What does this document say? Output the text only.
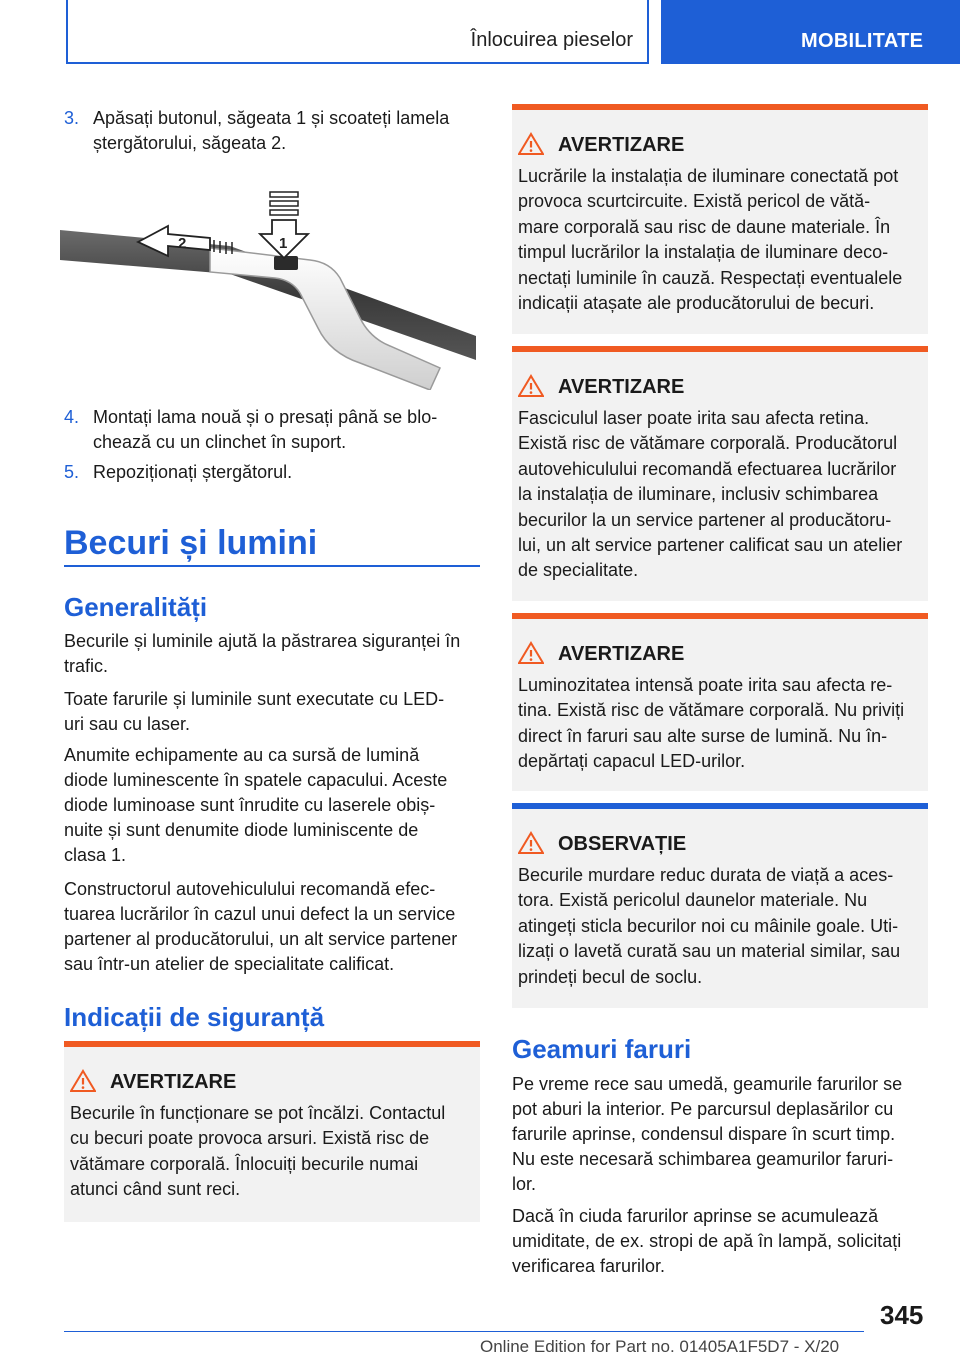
Înlocuirea pieselor	MOBILITATE
3. Apăsați butonul, săgeata 1 și scoateți lamela
ștergătorului, săgeata 2.
2	1
4. Montați lama nouă și o presați până se blo-
chează cu un clinchet în suport.
5. Repoziționați ștergătorul.
Becuri și lumini
Generalități
Becurile și luminile ajută la păstrarea siguranței în
trafic.
Toate farurile și luminile sunt executate cu LED-
uri sau cu laser.
Anumite echipamente au ca sursă de lumină
diode luminescente în spatele capacului. Aceste
diode luminoase sunt înrudite cu laserele obiș-
nuite și sunt denumite diode luminiscente de
clasa 1.
Constructorul autovehiculului recomandă efec-
tuarea lucrărilor în cazul unui defect la un service
partener al producătorului, un alt service partener
sau într-un atelier de specialitate calificat.
Indicații de siguranță
AVERTIZARE
Becurile în funcționare se pot încălzi. Contactul
cu becuri poate provoca arsuri. Există risc de
vătămare corporală. Înlocuiți becurile numai
atunci când sunt reci.
AVERTIZARE
Lucrările la instalația de iluminare conectată pot
provoca scurtcircuite. Există pericol de vătă-
mare corporală sau risc de daune materiale. În
timpul lucrărilor la instalația de iluminare deco-
nectați luminile în cauză. Respectați eventualele
indicații atașate ale producătorului de becuri.
AVERTIZARE
Fasciculul laser poate irita sau afecta retina.
Există risc de vătămare corporală. Producătorul
autovehiculului recomandă efectuarea lucrărilor
la instalația de iluminare, inclusiv schimbarea
becurilor la un service partener al producătoru-
lui, un alt service partener calificat sau un atelier
de specialitate.
AVERTIZARE
Luminozitatea intensă poate irita sau afecta re-
tina. Există risc de vătămare corporală. Nu priviți
direct în faruri sau alte surse de lumină. Nu în-
depărtați capacul LED-urilor.
OBSERVAȚIE
Becurile murdare reduc durata de viață a aces-
tora. Există pericolul daunelor materiale. Nu
atingeți sticla becurilor noi cu mâinile goale. Uti-
lizați o lavetă curată sau un material similar, sau
prindeți becul de soclu.
Geamuri faruri
Pe vreme rece sau umedă, geamurile farurilor se
pot aburi la interior. Pe parcursul deplasărilor cu
farurile aprinse, condensul dispare în scurt timp.
Nu este necesară schimbarea geamurilor faruri-
lor.
Dacă în ciuda farurilor aprinse se acumulează
umiditate, de ex. stropi de apă în lampă, solicitați
verificarea farurilor.
345
Online Edition for Part no. 01405A1F5D7 - X/20
